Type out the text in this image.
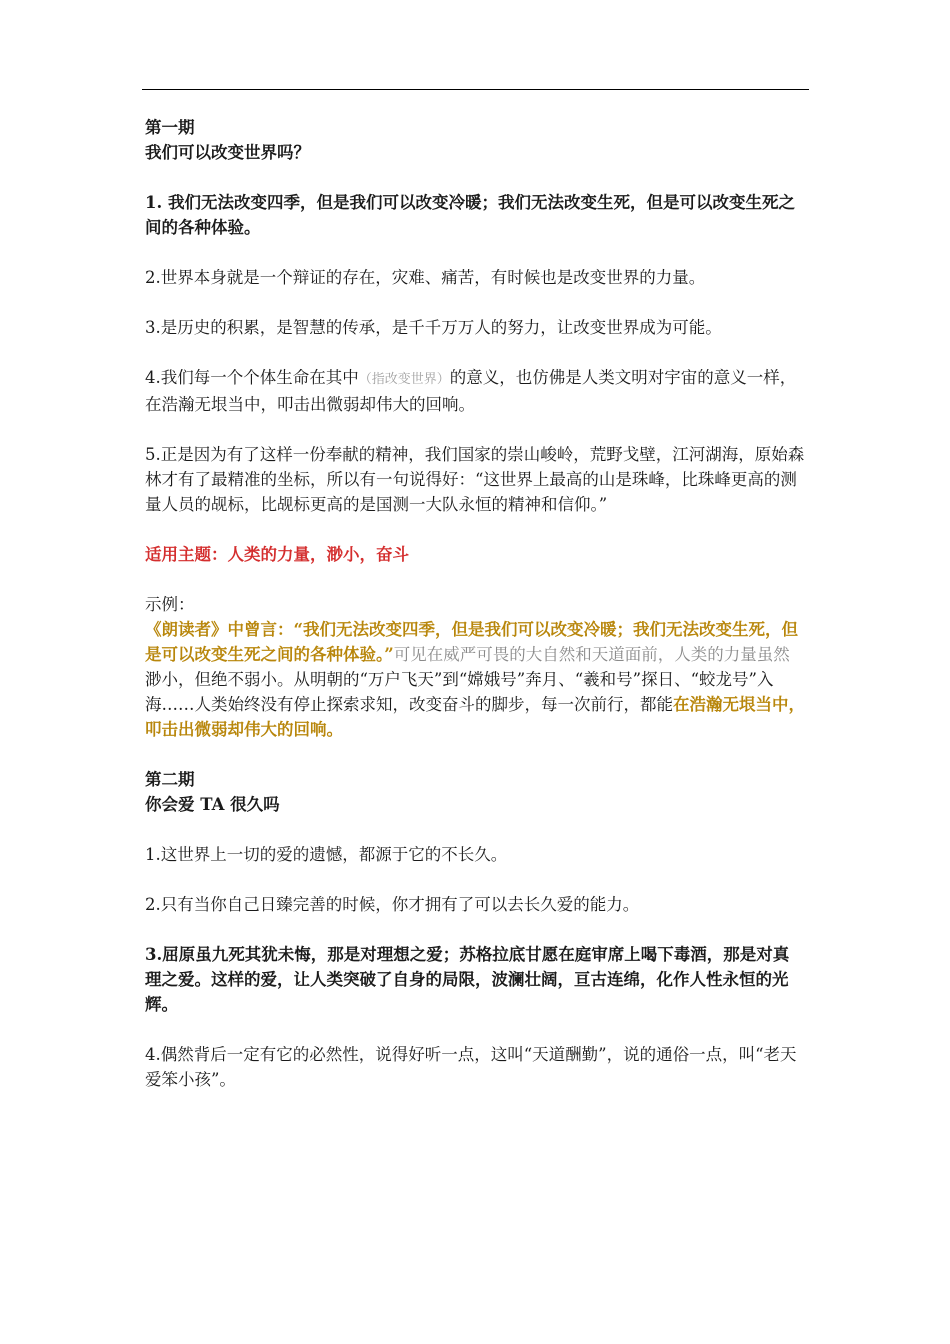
第一期

我们可以改变世界吗？

1. 我们无法改变四季，但是我们可以改变冷暖；我们无法改变生死，但是可以改变生死之间的各种体验。

2.世界本身就是一个辩证的存在，灾难、痛苦，有时候也是改变世界的力量。

3.是历史的积累，是智慧的传承，是千千万万人的努力，让改变世界成为可能。

4.我们每一个个体生命在其中（指改变世界）的意义，也仿佛是人类文明对宇宙的意义一样，在浩瀚无垠当中，叩击出微弱却伟大的回响。

5.正是因为有了这样一份奉献的精神，我们国家的崇山峻岭，荒野戈壁，江河湖海，原始森林才有了最精准的坐标，所以有一句说得好：“这世界上最高的山是珠峰，比珠峰更高的测量人员的觇标，比觇标更高的是国测一大队永恒的精神和信仰。”

适用主题：人类的力量，渺小，奋斗

示例：

《朗读者》中曾言：“我们无法改变四季，但是我们可以改变冷暖；我们无法改变生死，但是可以改变生死之间的各种体验。”可见在威严可畏的大自然和天道面前，人类的力量虽然渺小，但绝不弱小。从明朝的“万户飞天”到“嫦娥号”奔月、“羲和号”探日、“蛟龙号”入海……人类始终没有停止探索求知，改变奋斗的脚步，每一次前行，都能在浩瀚无垠当中，叩击出微弱却伟大的回响。

第二期

你会爱 TA 很久吗

1.这世界上一切的爱的遗憾，都源于它的不长久。

2.只有当你自己日臻完善的时候，你才拥有了可以去长久爱的能力。

3.屈原虽九死其犹未悔，那是对理想之爱；苏格拉底甘愿在庭审席上喝下毒酒，那是对真理之爱。这样的爱，让人类突破了自身的局限，波澜壮阔，亘古连绵，化作人性永恒的光辉。

4.偶然背后一定有它的必然性，说得好听一点，这叫“天道酬勤”，说的通俗一点，叫“老天爱笨小孩”。
